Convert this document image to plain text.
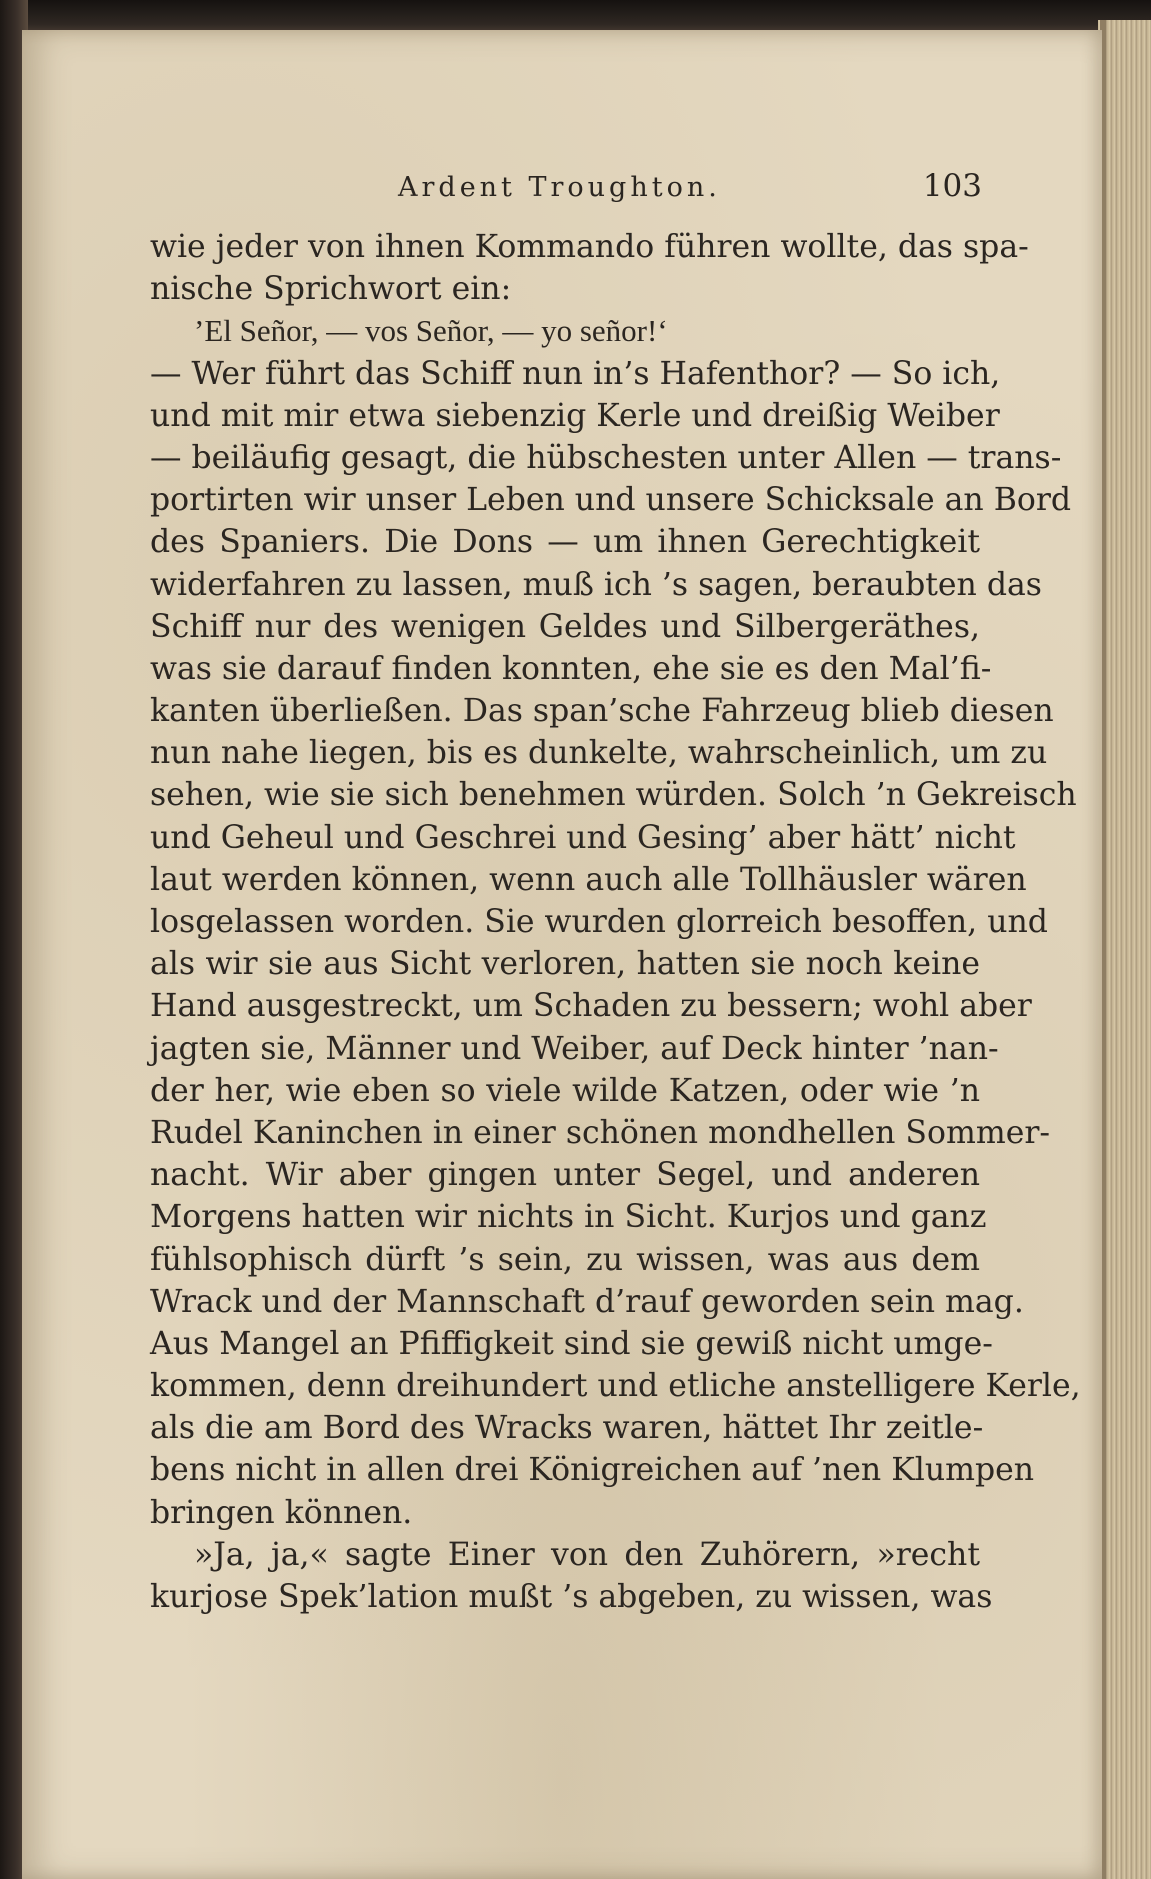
Ardent Troughton.	103
wie jeder von ihnen Kommando führen wollte, das spa-
nische Sprichwort ein:
’El Señor, — vos Señor, — yo señor!‘
— Wer führt das Schiff nun in’s Hafenthor? — So ich,
und mit mir etwa siebenzig Kerle und dreißig Weiber
— beiläufig gesagt, die hübschesten unter Allen — trans-
portirten wir unser Leben und unsere Schicksale an Bord
des Spaniers. Die Dons — um ihnen Gerechtigkeit
widerfahren zu lassen, muß ich ’s sagen, beraubten das
Schiff nur des wenigen Geldes und Silbergeräthes,
was sie darauf finden konnten, ehe sie es den Mal’fi-
kanten überließen. Das span’sche Fahrzeug blieb diesen
nun nahe liegen, bis es dunkelte, wahrscheinlich, um zu
sehen, wie sie sich benehmen würden. Solch ’n Gekreisch
und Geheul und Geschrei und Gesing’ aber hätt’ nicht
laut werden können, wenn auch alle Tollhäusler wären
losgelassen worden. Sie wurden glorreich besoffen, und
als wir sie aus Sicht verloren, hatten sie noch keine
Hand ausgestreckt, um Schaden zu bessern; wohl aber
jagten sie, Männer und Weiber, auf Deck hinter ’nan-
der her, wie eben so viele wilde Katzen, oder wie ’n
Rudel Kaninchen in einer schönen mondhellen Sommer-
nacht. Wir aber gingen unter Segel, und anderen
Morgens hatten wir nichts in Sicht. Kurjos und ganz
fühlsophisch dürft ’s sein, zu wissen, was aus dem
Wrack und der Mannschaft d’rauf geworden sein mag.
Aus Mangel an Pfiffigkeit sind sie gewiß nicht umge-
kommen, denn dreihundert und etliche anstelligere Kerle,
als die am Bord des Wracks waren, hättet Ihr zeitle-
bens nicht in allen drei Königreichen auf ’nen Klumpen
bringen können.
»Ja, ja,« sagte Einer von den Zuhörern, »recht
kurjose Spek’lation mußt ’s abgeben, zu wissen, was
